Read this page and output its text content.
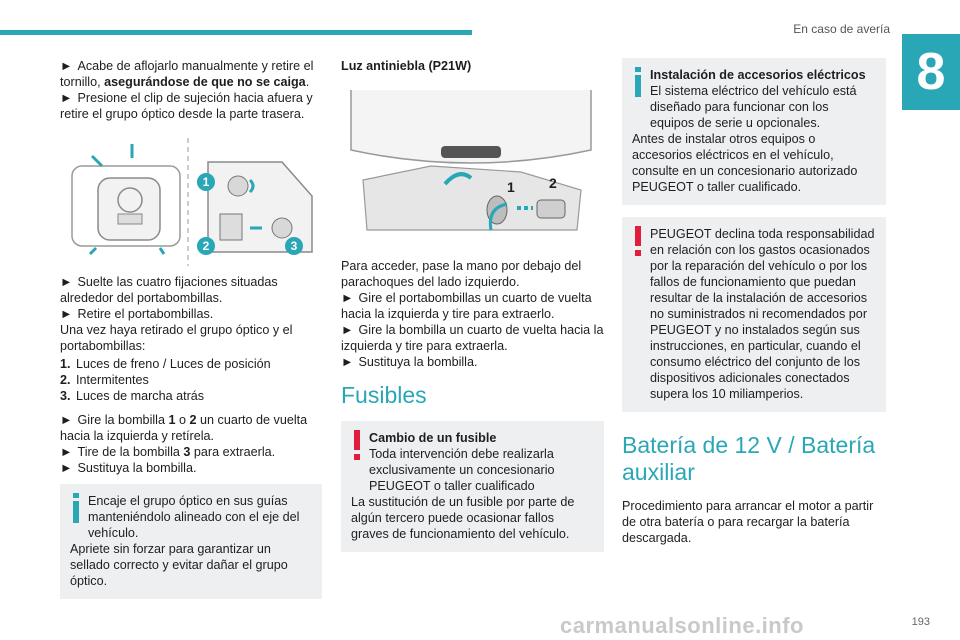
En caso de avería
8

► Acabe de aflojarlo manualmente y retire el tornillo, asegurándose de que no se caiga.

► Presione el clip de sujeción hacia afuera y retire el grupo óptico desde la parte trasera.

1
2	3

► Suelte las cuatro fijaciones situadas alrededor del portabombillas.

► Retire el portabombillas.

Una vez haya retirado el grupo óptico y el portabombillas:

1. Luces de freno / Luces de posición
2. Intermitentes
3. Luces de marcha atrás

► Gire la bombilla 1 o 2 un cuarto de vuelta hacia la izquierda y retírela.

► Tire de la bombilla 3 para extraerla.

► Sustituya la bombilla.

Encaje el grupo óptico en sus guías manteniéndolo alineado con el eje del vehículo.

Apriete sin forzar para garantizar un sellado correcto y evitar dañar el grupo óptico.

Luz antiniebla (P21W)
1 2

Para acceder, pase la mano por debajo del parachoques del lado izquierdo.

► Gire el portabombillas un cuarto de vuelta hacia la izquierda y tire para extraerlo.

► Gire la bombilla un cuarto de vuelta hacia la izquierda y tire para extraerla.

► Sustituya la bombilla.

Fusibles

Cambio de un fusible

Toda intervención debe realizarla exclusivamente un concesionario PEUGEOT o taller cualificado

La sustitución de un fusible por parte de algún tercero puede ocasionar fallos graves de funcionamiento del vehículo.

Instalación de accesorios eléctricos

El sistema eléctrico del vehículo está diseñado para funcionar con los equipos de serie u opcionales.

Antes de instalar otros equipos o accesorios eléctricos en el vehículo, consulte en un concesionario autorizado PEUGEOT o taller cualificado.

PEUGEOT declina toda responsabilidad en relación con los gastos ocasionados por la reparación del vehículo o por los fallos de funcionamiento que puedan resultar de la instalación de accesorios no suministrados ni recomendados por PEUGEOT y no instalados según sus instrucciones, en particular, cuando el consumo eléctrico del conjunto de los dispositivos adicionales conectados supera los 10 miliamperios.

Batería de 12 V / Batería auxiliar

Procedimiento para arrancar el motor a partir de otra batería o para recargar la batería descargada.

193
carmanualsonline.info
